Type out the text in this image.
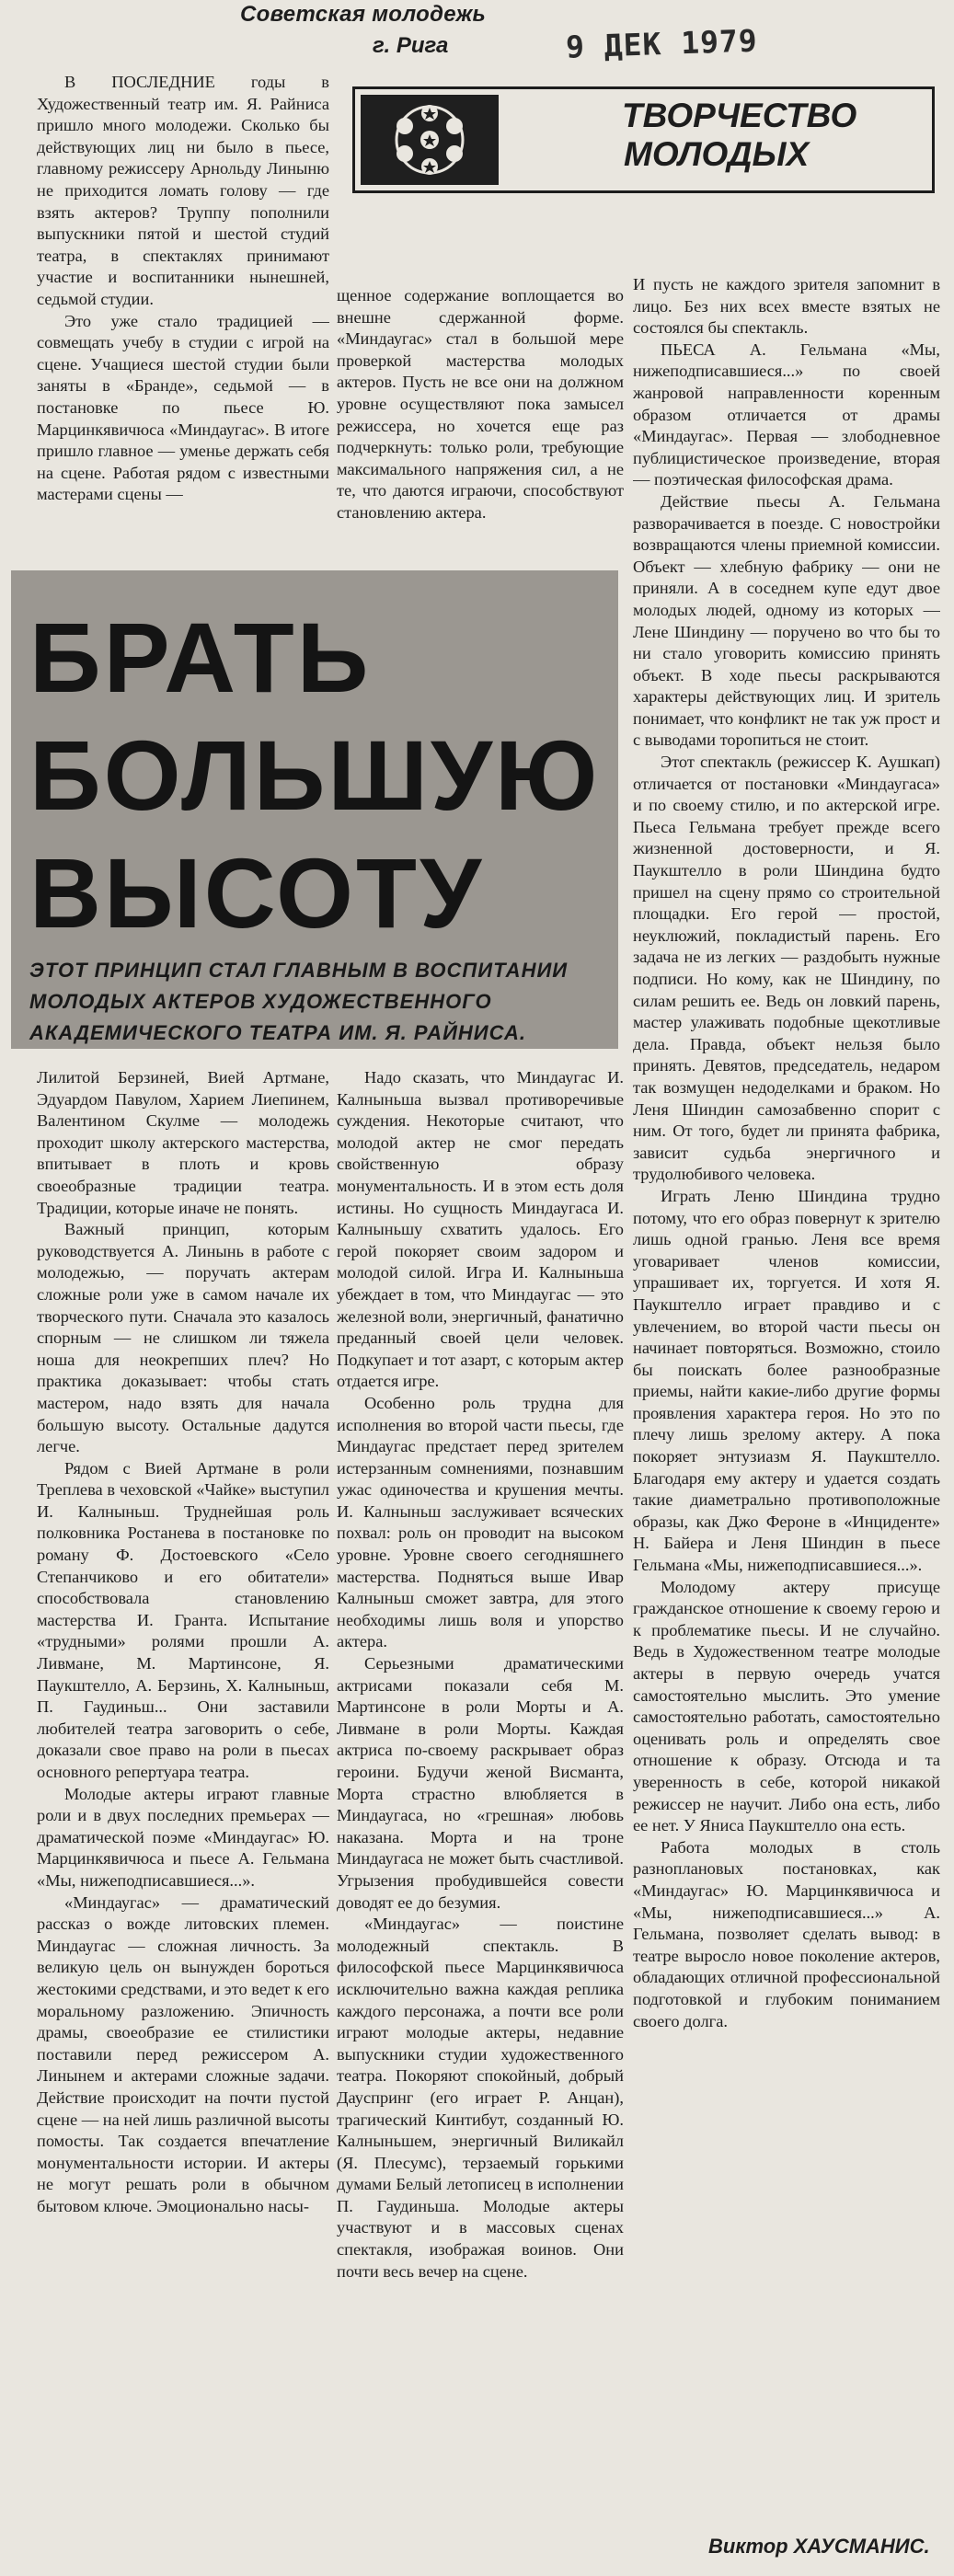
Советская молодежь
г. Рига	9 ДЕК 1979
ТВОРЧЕСТВО
МОЛОДЫХ

В ПОСЛЕДНИЕ годы в Художественный театр им. Я. Райниса пришло много молодежи. Сколько бы действующих лиц ни было в пьесе, главному режиссеру Арнольду Линыню не приходится ломать голову — где взять актеров? Труппу пополнили выпускники пятой и шестой студий театра, в спектаклях принимают участие и воспитанники нынешней, седьмой студии.

Это уже стало традицией — совмещать учебу в студии с игрой на сцене. Учащиеся шестой студии были заняты в «Бранде», седьмой — в постановке по пьесе Ю. Марцинкявичюса «Миндаугас». В итоге пришло главное — уменье держать себя на сцене. Работая рядом с известными мастерами сцены —

щенное содержание воплощается во внешне сдержанной форме. «Миндаугас» стал в большой мере проверкой мастерства молодых актеров. Пусть не все они на должном уровне осуществляют пока замысел режиссера, но хочется еще раз подчеркнуть: только роли, требующие максимального напряжения сил, а не те, что даются играючи, способствуют становлению актера.

И пусть не каждого зрителя запомнит в лицо. Без них всех вместе взятых не состоялся бы спектакль.

ПЬЕСА А. Гельмана «Мы, нижеподписавшиеся...» по своей жанровой направленности коренным образом отличается от драмы «Миндаугас». Первая — злободневное публицистическое произведение, вторая — поэтическая философская драма.

Действие пьесы А. Гельмана разворачивается в поезде. С новостройки возвращаются члены приемной комиссии. Объект — хлебную фабрику — они не приняли. А в соседнем купе едут двое молодых людей, одному из которых — Лене Шиндину — поручено во что бы то ни стало уговорить комиссию принять объект. В ходе пьесы раскрываются характеры действующих лиц. И зритель понимает, что конфликт не так уж прост и с выводами торопиться не стоит.

Этот спектакль (режиссер К. Аушкап) отличается от постановки «Миндаугаса» и по своему стилю, и по актерской игре. Пьеса Гельмана требует прежде всего жизненной достоверности, и Я. Паукштелло в роли Шиндина будто пришел на сцену прямо со строительной площадки. Его герой — простой, неуклюжий, покладистый парень. Его задача не из легких — раздобыть нужные подписи. Но кому, как не Шиндину, по силам решить ее. Ведь он ловкий парень, мастер улаживать подобные щекотливые дела. Правда, объект нельзя было принять. Девятов, председатель, недаром так возмущен недоделками и браком. Но Леня Шиндин самозабвенно спорит с ним. От того, будет ли принята фабрика, зависит судьба энергичного и трудолюбивого человека.

Играть Леню Шиндина трудно потому, что его образ повернут к зрителю лишь одной гранью. Леня все время уговаривает членов комиссии, упрашивает их, торгуется. И хотя Я. Паукштелло играет правдиво и с увлечением, во второй части пьесы он начинает повторяться. Возможно, стоило бы поискать более разнообразные приемы, найти какие-либо другие формы проявления характера героя. Но это по плечу лишь зрелому актеру. А пока покоряет энтузиазм Я. Паукштелло. Благодаря ему актеру и удается создать такие диаметрально противоположные образы, как Джо Фероне в «Инциденте» Н. Байера и Леня Шиндин в пьесе Гельмана «Мы, нижеподписавшиеся...».

Молодому актеру присуще гражданское отношение к своему герою и к проблематике пьесы. И не случайно. Ведь в Художественном театре молодые актеры в первую очередь учатся самостоятельно мыслить. Это умение самостоятельно работать, самостоятельно оценивать роль и определять свое отношение к образу. Отсюда и та уверенность в себе, которой никакой режиссер не научит. Либо она есть, либо ее нет. У Яниса Паукштелло она есть.

Работа молодых в столь разноплановых постановках, как «Миндаугас» Ю. Марцинкявичюса и «Мы, нижеподписавшиеся...» А. Гельмана, позволяет сделать вывод: в театре выросло новое поколение актеров, обладающих отличной профессиональной подготовкой и глубоким пониманием своего долга.

БРАТЬ
БОЛЬШУЮ
ВЫСОТУ
ЭТОТ ПРИНЦИП СТАЛ ГЛАВНЫМ В ВОСПИТАНИИ МОЛОДЫХ АКТЕРОВ ХУДОЖЕСТВЕННОГО АКАДЕМИЧЕСКОГО ТЕАТРА ИМ. Я. РАЙНИСА.

Лилитой Берзиней, Вией Артмане, Эдуардом Павулом, Харием Лиепинем, Валентином Скулме — молодежь проходит школу актерского мастерства, впитывает в плоть и кровь своеобразные традиции театра. Традиции, которые иначе не понять.

Важный принцип, которым руководствуется А. Линынь в работе с молодежью, — поручать актерам сложные роли уже в самом начале их творческого пути. Сначала это казалось спорным — не слишком ли тяжела ноша для неокрепших плеч? Но практика доказывает: чтобы стать мастером, надо взять для начала большую высоту. Остальные дадутся легче.

Рядом с Вией Артмане в роли Треплева в чеховской «Чайке» выступил И. Калныньш. Труднейшая роль полковника Ростанева в постановке по роману Ф. Достоевского «Село Степанчиково и его обитатели» способствовала становлению мастерства И. Гранта. Испытание «трудными» ролями прошли А. Ливмане, М. Мартинсоне, Я. Паукштелло, А. Берзинь, Х. Калныньш, П. Гаудиньш... Они заставили любителей театра заговорить о себе, доказали свое право на роли в пьесах основного репертуара театра.

Молодые актеры играют главные роли и в двух последних премьерах — драматической поэме «Миндаугас» Ю. Марцинкявичюса и пьесе А. Гельмана «Мы, нижеподписавшиеся...».

«Миндаугас» — драматический рассказ о вожде литовских племен. Миндаугас — сложная личность. За великую цель он вынужден бороться жестокими средствами, и это ведет к его моральному разложению. Эпичность драмы, своеобразие ее стилистики поставили перед режиссером А. Линынем и актерами сложные задачи. Действие происходит на почти пустой сцене — на ней лишь различной высоты помосты. Так создается впечатление монументальности истории. И актеры не могут решать роли в обычном бытовом ключе. Эмоционально насы-

Надо сказать, что Миндаугас И. Калныньша вызвал противоречивые суждения. Некоторые считают, что молодой актер не смог передать свойственную образу монументальность. И в этом есть доля истины. Но сущность Миндаугаса И. Калныньшу схватить удалось. Его герой покоряет своим задором и молодой силой. Игра И. Калныньша убеждает в том, что Миндаугас — это железной воли, энергичный, фанатично преданный своей цели человек. Подкупает и тот азарт, с которым актер отдается игре.

Особенно роль трудна для исполнения во второй части пьесы, где Миндаугас предстает перед зрителем истерзанным сомнениями, познавшим ужас одиночества и крушения мечты. И. Калныньш заслуживает всяческих похвал: роль он проводит на высоком уровне. Уровне своего сегодняшнего мастерства. Подняться выше Ивар Калныньш сможет завтра, для этого необходимы лишь воля и упорство актера.

Серьезными драматическими актрисами показали себя М. Мартинсоне в роли Морты и А. Ливмане в роли Морты. Каждая актриса по-своему раскрывает образ героини. Будучи женой Висманта, Морта страстно влюбляется в Миндаугаса, но «грешная» любовь наказана. Морта и на троне Миндаугаса не может быть счастливой. Угрызения пробудившейся совести доводят ее до безумия.

«Миндаугас» — поистине молодежный спектакль. В философской пьесе Марцинкявичюса исключительно важна каждая реплика каждого персонажа, а почти все роли играют молодые актеры, недавние выпускники студии художественного театра. Покоряют спокойный, добрый Дауспринг (его играет Р. Анцан), трагический Кинтибут, созданный Ю. Калныньшем, энергичный Виликайл (Я. Плесумс), терзаемый горькими думами Белый летописец в исполнении П. Гаудиньша. Молодые актеры участвуют и в массовых сценах спектакля, изображая воинов. Они почти весь вечер на сцене.

Виктор ХАУСМАНИС.
